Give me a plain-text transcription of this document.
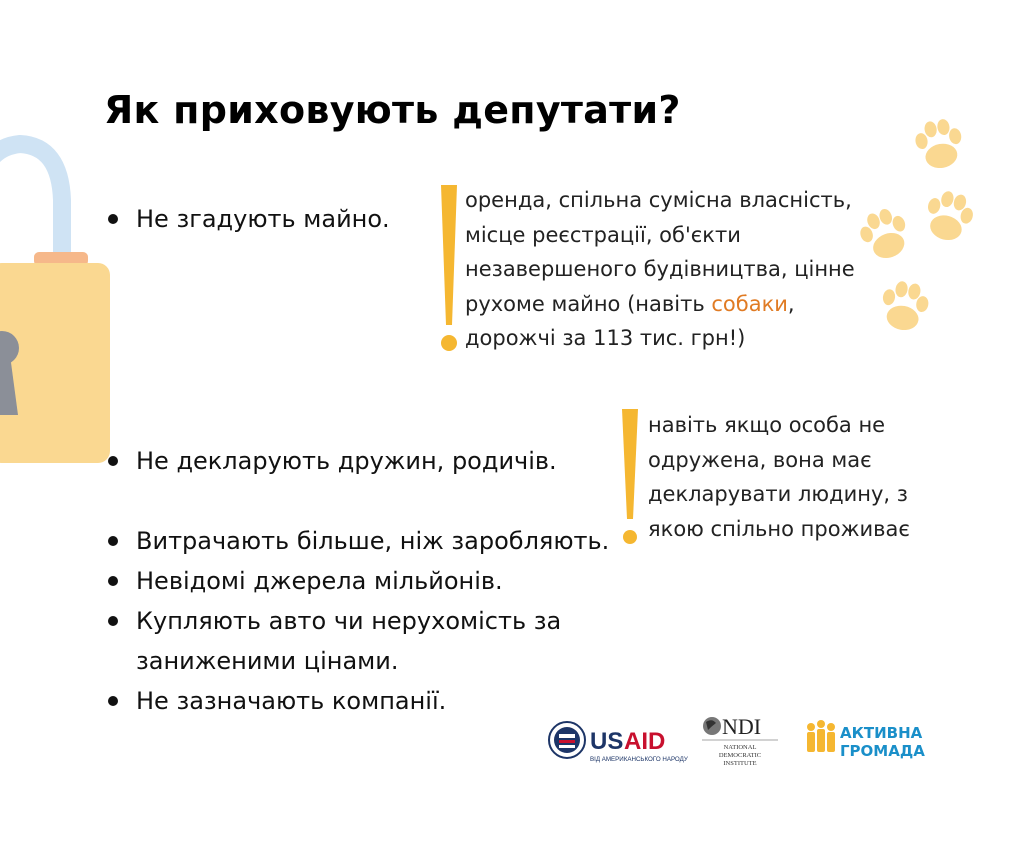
Як приховують депутати?
Не згадують майно.

оренда, спільна сумісна власність,

місце реєстрації, об'єкти

незавершеного будівництва, цінне

рухоме майно (навіть собаки,

дорожчі за 113 тис. грн!)

Не декларують дружин, родичів.

навіть якщо особа не

одружена, вона має

декларувати людину, з

якою спільно проживає

Витрачають більше, ніж заробляють.
Невідомі джерела мільйонів.
Купляють авто чи нерухомість за заниженими цінами.
Не зазначають компанії.
US AID
ВІД АМЕРИКАНСЬКОГО НАРОДУ
NDI
NATIONAL
DEMOCRATIC
INSTITUTE
АКТИВНА
ГРОМАДА
